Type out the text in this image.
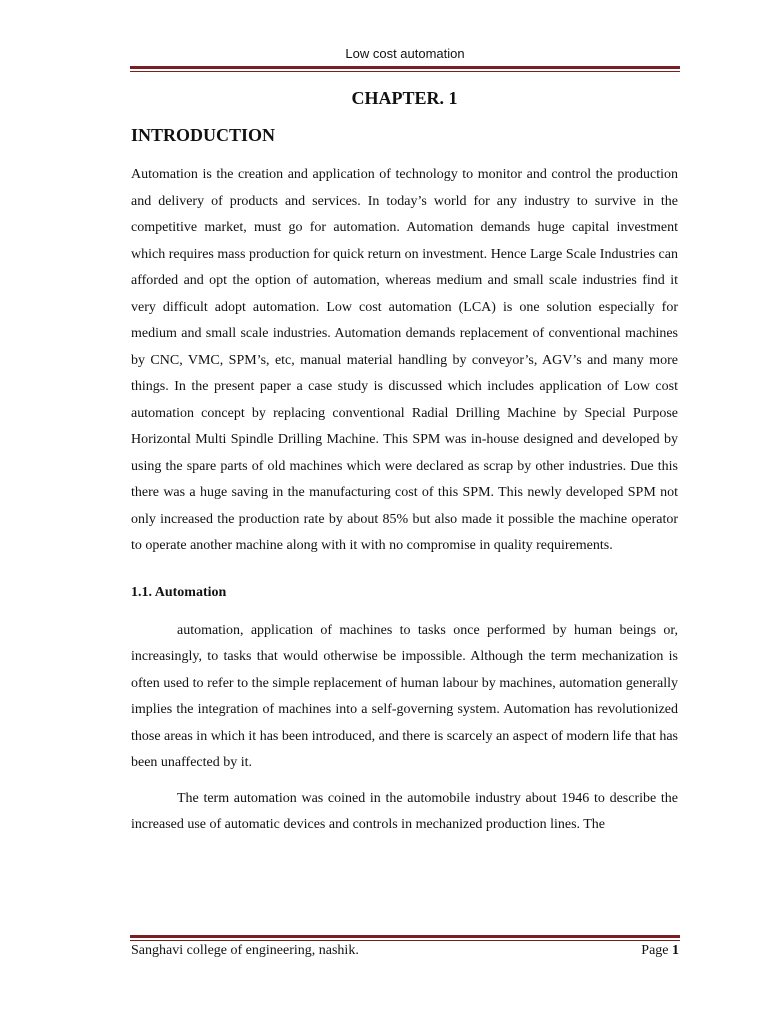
Low cost automation
CHAPTER. 1
INTRODUCTION

Automation is the creation and application of technology to monitor and control the production and delivery of products and services. In today’s world for any industry to survive in the competitive market, must go for automation. Automation demands huge capital investment which requires mass production for quick return on investment. Hence Large Scale Industries can afforded and opt the option of automation, whereas medium and small scale industries find it very difficult adopt automation. Low cost automation (LCA) is one solution especially for medium and small scale industries. Automation demands replacement of conventional machines by CNC, VMC, SPM’s, etc, manual material handling by conveyor’s, AGV’s and many more things. In the present paper a case study is discussed which includes application of Low cost automation concept by replacing conventional Radial Drilling Machine by Special Purpose Horizontal Multi Spindle Drilling Machine. This SPM was in-house designed and developed by using the spare parts of old machines which were declared as scrap by other industries. Due this there was a huge saving in the manufacturing cost of this SPM. This newly developed SPM not only increased the production rate by about 85% but also made it possible the machine operator to operate another machine along with it with no compromise in quality requirements.

1.1. Automation

automation, application of machines to tasks once performed by human beings or, increasingly, to tasks that would otherwise be impossible. Although the term mechanization is often used to refer to the simple replacement of human labour by machines, automation generally implies the integration of machines into a self-governing system. Automation has revolutionized those areas in which it has been introduced, and there is scarcely an aspect of modern life that has been unaffected by it.

The term automation was coined in the automobile industry about 1946 to describe the increased use of automatic devices and controls in mechanized production lines. The

Sanghavi college of engineering, nashik.	Page 1
